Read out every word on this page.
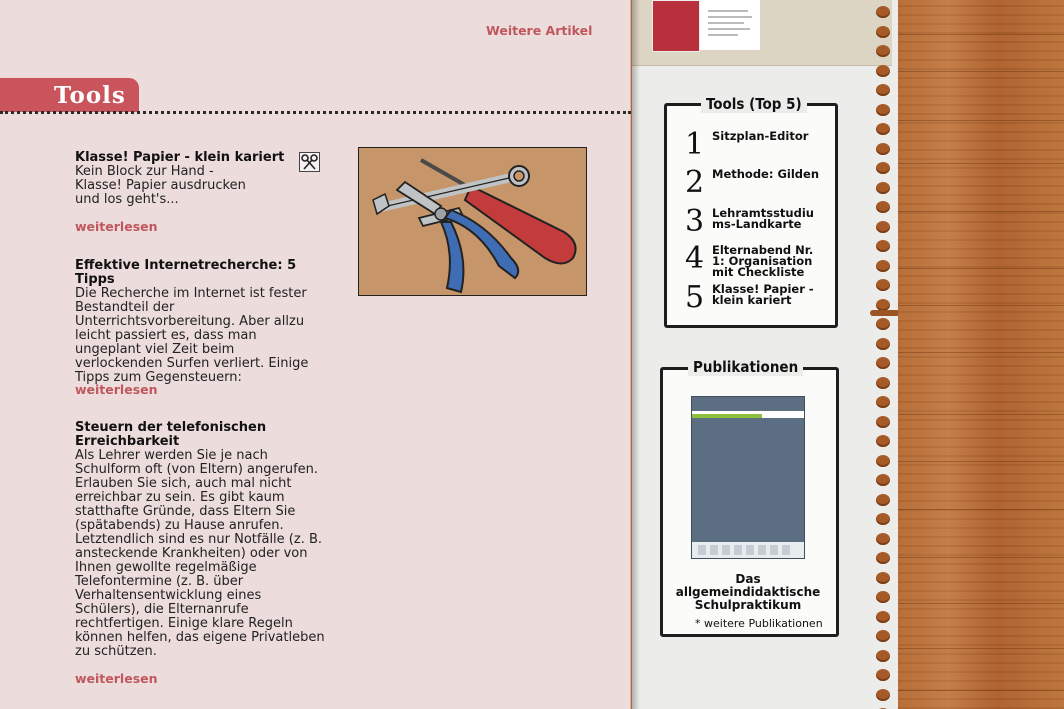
Weitere Artikel
Tools
Klasse! Papier - klein kariert

Kein Block zur Hand - Klasse! Papier ausdrucken und los geht's...

weiterlesen
Effektive Internetrecherche: 5 Tipps

Die Recherche im Internet ist fester Bestandteil der Unterrichtsvorbereitung. Aber allzu leicht passiert es, dass man ungeplant viel Zeit beim verlockenden Surfen verliert. Einige Tipps zum Gegensteuern:

weiterlesen
Steuern der telefonischen Erreichbarkeit

Als Lehrer werden Sie je nach Schulform oft (von Eltern) angerufen. Erlauben Sie sich, auch mal nicht erreichbar zu sein. Es gibt kaum statthafte Gründe, dass Eltern Sie (spätabends) zu Hause anrufen. Letztendlich sind es nur Notfälle (z. B. ansteckende Krankheiten) oder von Ihnen gewollte regelmäßige Telefontermine (z. B. über Verhaltensentwicklung eines Schülers), die Elternanrufe rechtfertigen. Einige klare Regeln können helfen, das eigene Privatleben zu schützen.

weiterlesen
Tools (Top 5)
1 Sitzplan-Editor
2 Methode: Gilden
3 Lehramtsstudiums-Landkarte
4 Elternabend Nr. 1: Organisation mit Checkliste
5 Klasse! Papier - klein kariert
Publikationen
Das allgemeindidaktische Schulpraktikum
* weitere Publikationen
